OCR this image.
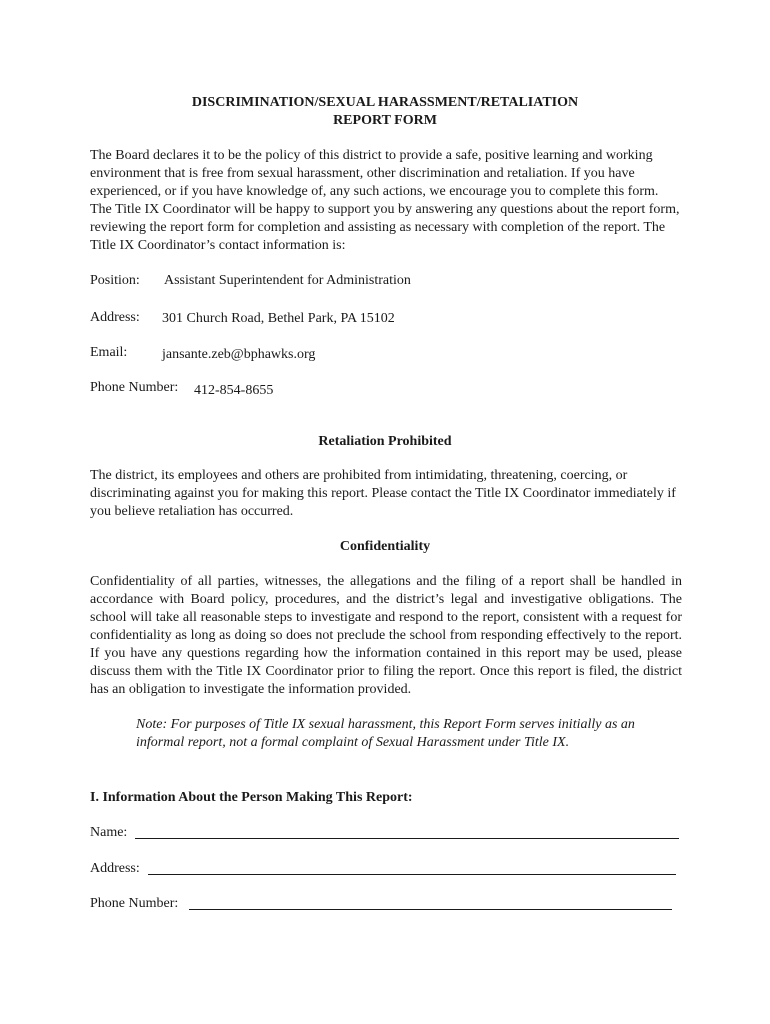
DISCRIMINATION/SEXUAL HARASSMENT/RETALIATION
REPORT FORM
The Board declares it to be the policy of this district to provide a safe, positive learning and working environment that is free from sexual harassment, other discrimination and retaliation. If you have experienced, or if you have knowledge of, any such actions, we encourage you to complete this form. The Title IX Coordinator will be happy to support you by answering any questions about the report form, reviewing the report form for completion and assisting as necessary with completion of the report. The Title IX Coordinator’s contact information is:
Position: Assistant Superintendent for Administration
Address: 301 Church Road, Bethel Park, PA 15102
Email: jansante.zeb@bphawks.org
Phone Number: 412-854-8655
Retaliation Prohibited
The district, its employees and others are prohibited from intimidating, threatening, coercing, or discriminating against you for making this report. Please contact the Title IX Coordinator immediately if you believe retaliation has occurred.
Confidentiality
Confidentiality of all parties, witnesses, the allegations and the filing of a report shall be handled in accordance with Board policy, procedures, and the district’s legal and investigative obligations. The school will take all reasonable steps to investigate and respond to the report, consistent with a request for confidentiality as long as doing so does not preclude the school from responding effectively to the report. If you have any questions regarding how the information contained in this report may be used, please discuss them with the Title IX Coordinator prior to filing the report. Once this report is filed, the district has an obligation to investigate the information provided.
Note: For purposes of Title IX sexual harassment, this Report Form serves initially as an informal report, not a formal complaint of Sexual Harassment under Title IX.
I. Information About the Person Making This Report:
Name:
Address:
Phone Number:
